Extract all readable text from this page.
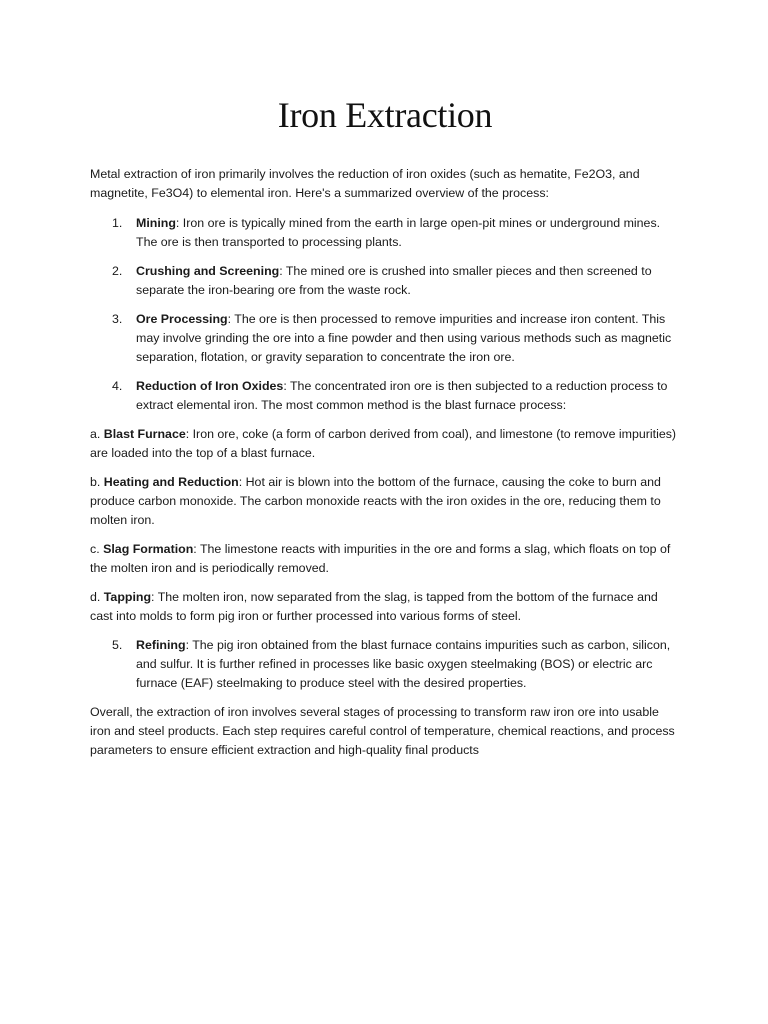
Iron Extraction

Metal extraction of iron primarily involves the reduction of iron oxides (such as hematite, Fe2O3, and magnetite, Fe3O4) to elemental iron. Here's a summarized overview of the process:

1. Mining: Iron ore is typically mined from the earth in large open-pit mines or underground mines. The ore is then transported to processing plants.
2. Crushing and Screening: The mined ore is crushed into smaller pieces and then screened to separate the iron-bearing ore from the waste rock.
3. Ore Processing: The ore is then processed to remove impurities and increase iron content. This may involve grinding the ore into a fine powder and then using various methods such as magnetic separation, flotation, or gravity separation to concentrate the iron ore.
4. Reduction of Iron Oxides: The concentrated iron ore is then subjected to a reduction process to extract elemental iron. The most common method is the blast furnace process:

a. Blast Furnace: Iron ore, coke (a form of carbon derived from coal), and limestone (to remove impurities) are loaded into the top of a blast furnace.

b. Heating and Reduction: Hot air is blown into the bottom of the furnace, causing the coke to burn and produce carbon monoxide. The carbon monoxide reacts with the iron oxides in the ore, reducing them to molten iron.

c. Slag Formation: The limestone reacts with impurities in the ore and forms a slag, which floats on top of the molten iron and is periodically removed.

d. Tapping: The molten iron, now separated from the slag, is tapped from the bottom of the furnace and cast into molds to form pig iron or further processed into various forms of steel.

5. Refining: The pig iron obtained from the blast furnace contains impurities such as carbon, silicon, and sulfur. It is further refined in processes like basic oxygen steelmaking (BOS) or electric arc furnace (EAF) steelmaking to produce steel with the desired properties.

Overall, the extraction of iron involves several stages of processing to transform raw iron ore into usable iron and steel products. Each step requires careful control of temperature, chemical reactions, and process parameters to ensure efficient extraction and high-quality final products
